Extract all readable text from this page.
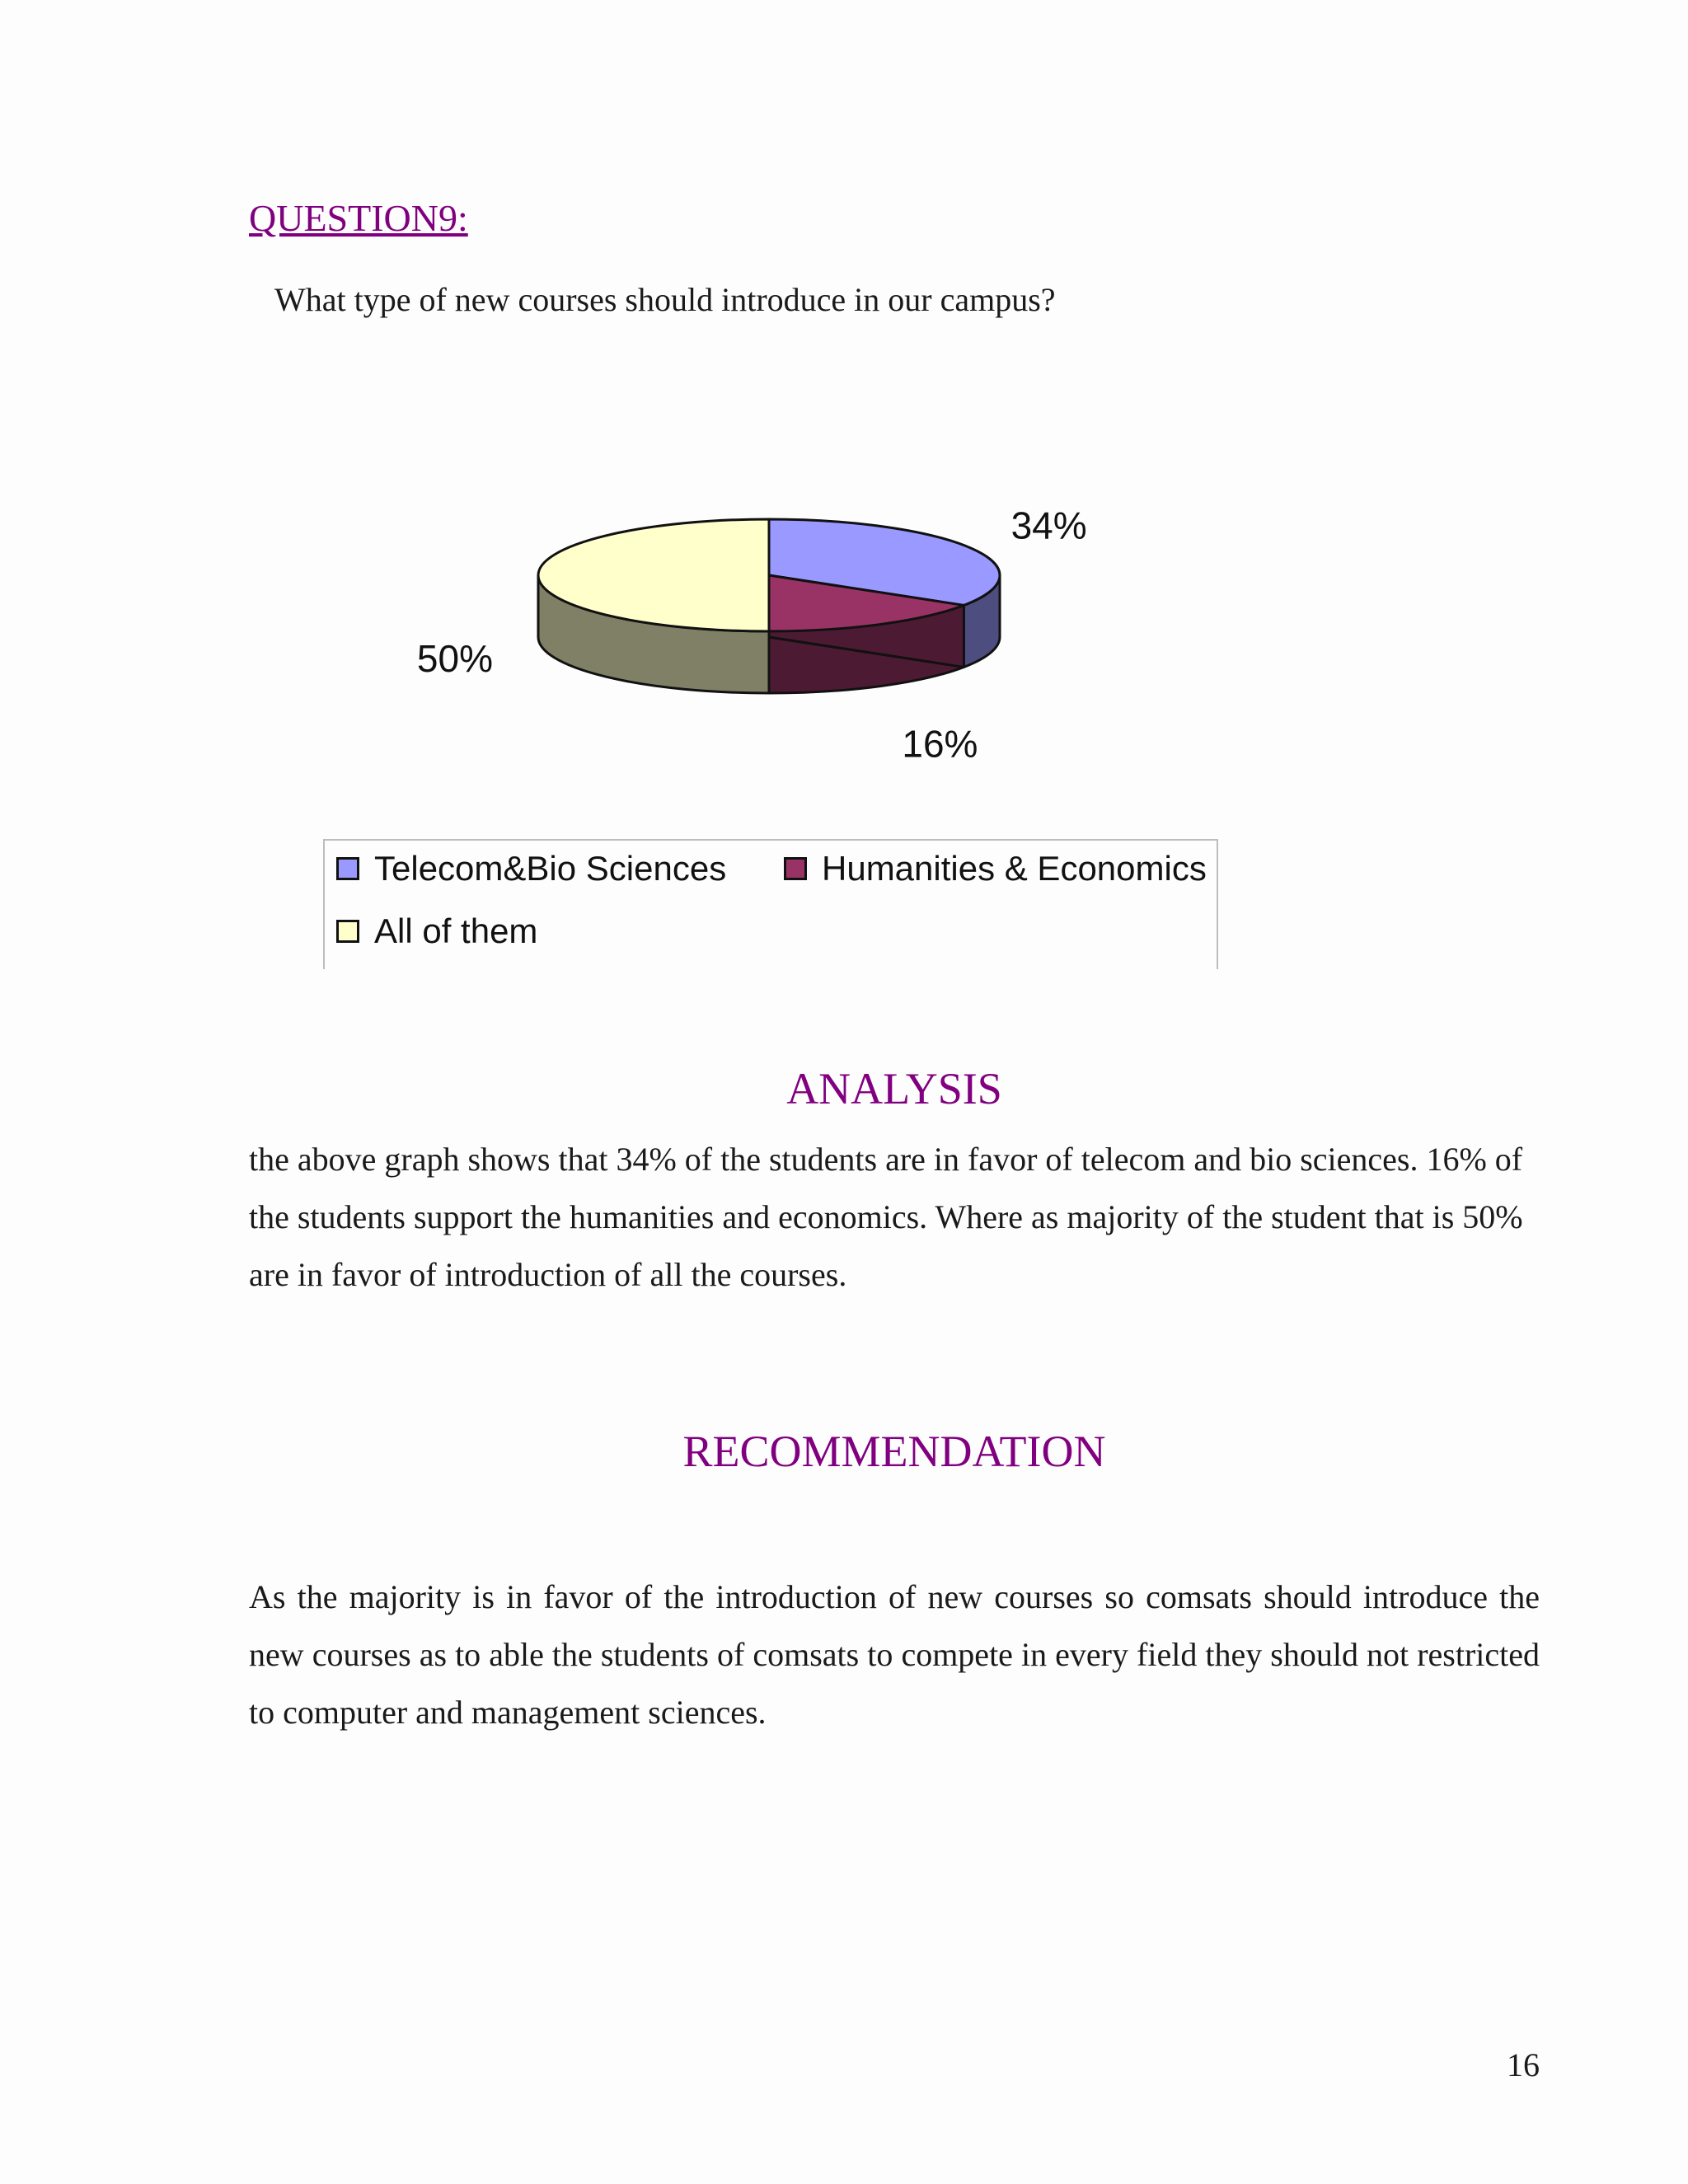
QUESTION9:

What type of new courses should introduce in our campus?

34%
16%
50%
Telecom&Bio Sciences	Humanities & Economics
All of them
ANALYSIS

the above graph shows that 34% of the students are in favor of telecom and bio sciences. 16% of the students support the humanities and economics. Where as majority of the student that is 50% are in favor of introduction of all the courses.

RECOMMENDATION

As the majority is in favor of the introduction of new courses so comsats should introduce the new courses as to able the students of comsats to compete in every field they should not restricted to computer and management sciences.

16
